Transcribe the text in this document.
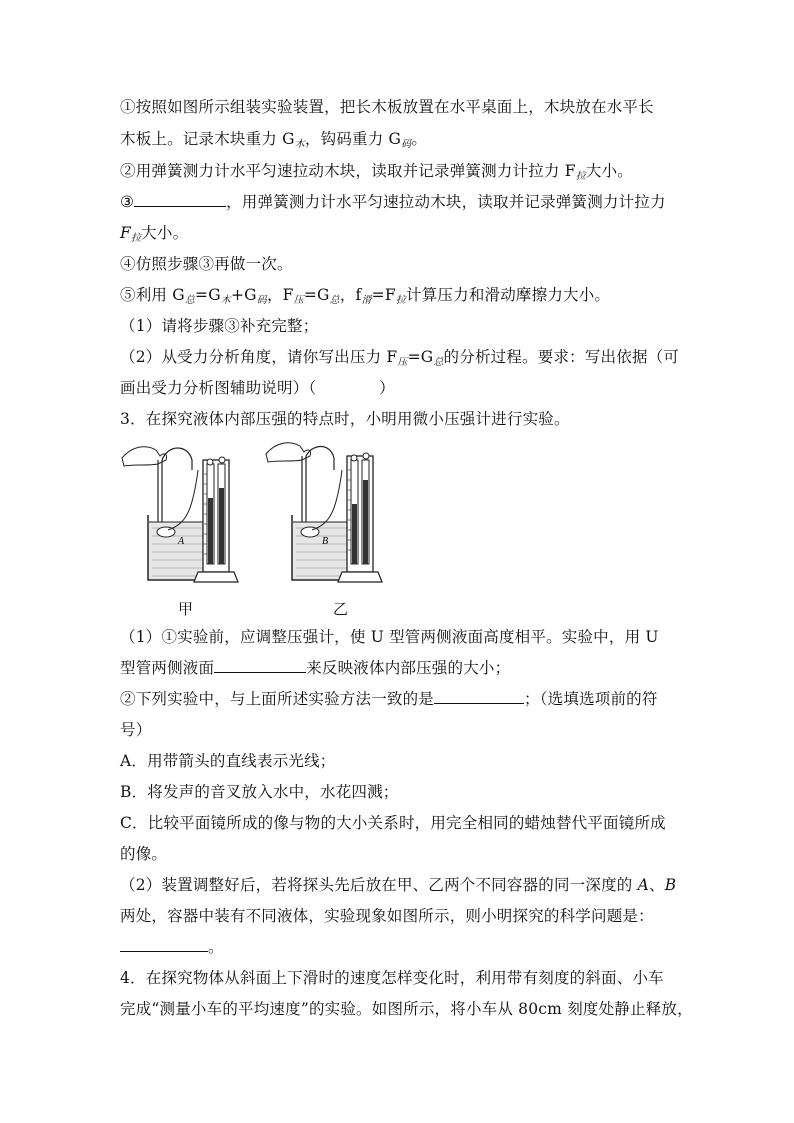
①按照如图所示组装实验装置，把长木板放置在水平桌面上，木块放在水平长
木板上。记录木块重力 G木，钩码重力 G码。
②用弹簧测力计水平匀速拉动木块，读取并记录弹簧测力计拉力 F拉大小。
③	，用弹簧测力计水平匀速拉动木块，读取并记录弹簧测力计拉力
F拉大小。
④仿照步骤③再做一次。
⑤利用 G总=G木+G码，F压=G总，f滑=F拉计算压力和滑动摩擦力大小。
（1）请将步骤③补充完整；
（2）从受力分析角度，请你写出压力 F压=G总的分析过程。要求：写出依据（可
画出受力分析图辅助说明）（　　　　）
3．在探究液体内部压强的特点时，小明用微小压强计进行实验。
A	B
甲	乙
（1）①实验前，应调整压强计，使 U 型管两侧液面高度相平。实验中，用 U
型管两侧液面	来反映液体内部压强的大小；
②下列实验中，与上面所述实验方法一致的是	；（选填选项前的符
号）
A．用带箭头的直线表示光线；
B．将发声的音叉放入水中，水花四溅；
C．比较平面镜所成的像与物的大小关系时，用完全相同的蜡烛替代平面镜所成
的像。
（2）装置调整好后，若将探头先后放在甲、乙两个不同容器的同一深度的 A、B
两处，容器中装有不同液体，实验现象如图所示，则小明探究的科学问题是：
。
4．在探究物体从斜面上下滑时的速度怎样变化时，利用带有刻度的斜面、小车
完成“测量小车的平均速度”的实验。如图所示，将小车从 80cm 刻度处静止释放，
